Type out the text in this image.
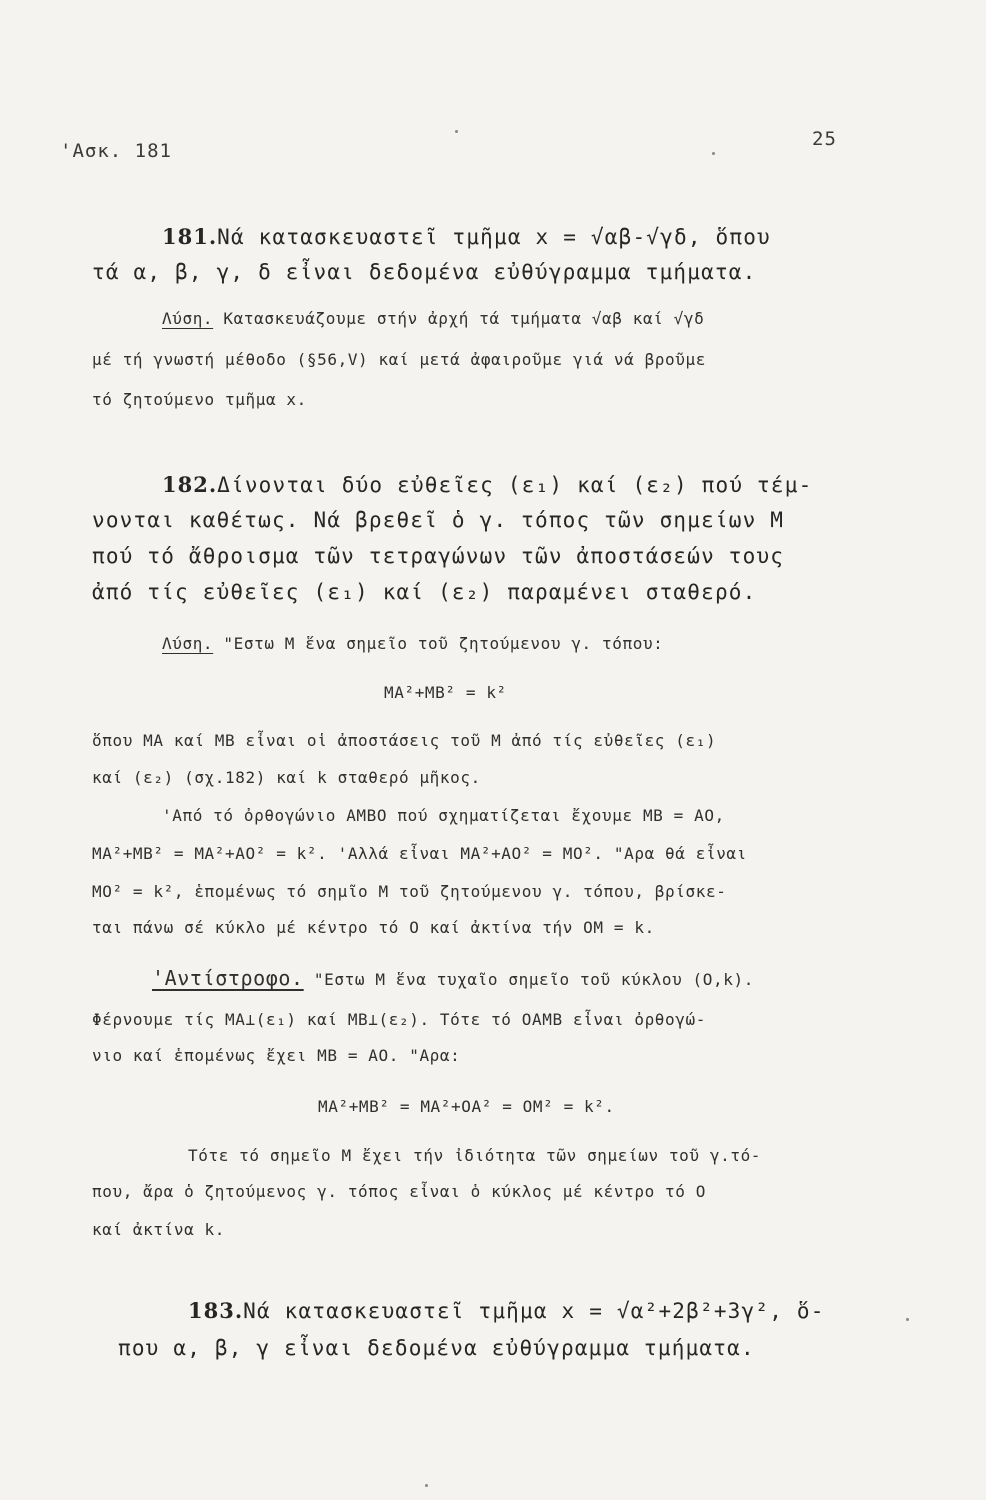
'Ασκ. 181
25
181.Νά κατασκευαστεῖ τμῆμα x = √αβ-√γδ, ὅπου
τά α, β, γ, δ εἶναι δεδομένα εὐθύγραμμα τμήματα.
Λύση. Κατασκευάζουμε στήν ἀρχή τά τμήματα √αβ καί √γδ
μέ τή γνωστή μέθοδο (§56,V) καί μετά ἀφαιροῦμε γιά νά βροῦμε
τό ζητούμενο τμῆμα x.
182.Δίνονται δύο εὐθεῖες (ε₁) καί (ε₂) πού τέμ-
νονται καθέτως. Νά βρεθεῖ ὁ γ. τόπος τῶν σημείων Μ
πού τό ἄθροισμα τῶν τετραγώνων τῶν ἀποστάσεών τους
ἀπό τίς εὐθεῖες (ε₁) καί (ε₂) παραμένει σταθερό.
Λύση. "Εστω Μ ἕνα σημεῖο τοῦ ζητούμενου γ. τόπου:
MA²+MB² = k²
ὅπου MA καί MB εἶναι οἱ ἀποστάσεις τοῦ Μ ἀπό τίς εὐθεῖες (ε₁)
καί (ε₂) (σχ.182) καί k σταθερό μῆκος.
'Από τό ὀρθογώνιο ΑΜΒΟ πού σχηματίζεται ἔχουμε MB = AO,
MA²+MB² = MA²+AO² = k². 'Αλλά εἶναι MA²+AO² = MO². "Αρα θά εἶναι
MO² = k², ἑπομένως τό σημῖο Μ τοῦ ζητούμενου γ. τόπου, βρίσκε-
ται πάνω σέ κύκλο μέ κέντρο τό Ο καί ἀκτίνα τήν OM = k.
'Αντίστροφο. "Εστω Μ ἕνα τυχαῖο σημεῖο τοῦ κύκλου (O,k).
Φέρνουμε τίς MA⊥(ε₁) καί MB⊥(ε₂). Τότε τό OAMB εἶναι ὀρθογώ-
νιο καί ἑπομένως ἔχει MB = AO. "Αρα:
MA²+MB² = MA²+OA² = OM² = k².
Τότε τό σημεῖο Μ ἔχει τήν ἰδιότητα τῶν σημείων τοῦ γ.τό-
που, ἄρα ὁ ζητούμενος γ. τόπος εἶναι ὁ κύκλος μέ κέντρο τό Ο
καί ἀκτίνα k.
183.Νά κατασκευαστεῖ τμῆμα x = √α²+2β²+3γ², ὅ-
που α, β, γ εἶναι δεδομένα εὐθύγραμμα τμήματα.
